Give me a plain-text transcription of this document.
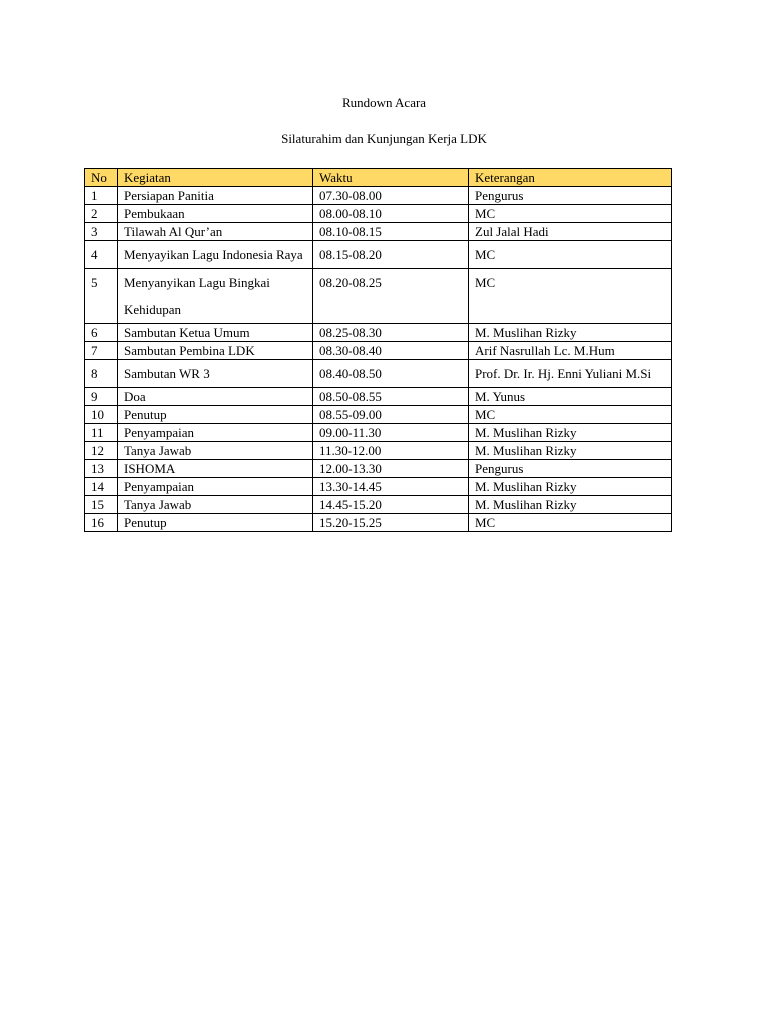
Rundown Acara
Silaturahim dan Kunjungan Kerja LDK
No	Kegiatan	Waktu	Keterangan
1	Persiapan Panitia	07.30-08.00	Pengurus
2	Pembukaan	08.00-08.10	MC
3	Tilawah Al Qur’an	08.10-08.15	Zul Jalal Hadi
4	Menyayikan Lagu Indonesia Raya	08.15-08.20	MC
5	Menyanyikan Lagu Bingkai Kehidupan	08.20-08.25	MC
6	Sambutan Ketua Umum	08.25-08.30	M. Muslihan Rizky
7	Sambutan Pembina LDK	08.30-08.40	Arif Nasrullah Lc. M.Hum
8	Sambutan WR 3	08.40-08.50	Prof. Dr. Ir. Hj. Enni Yuliani M.Si
9	Doa	08.50-08.55	M. Yunus
10	Penutup	08.55-09.00	MC
11	Penyampaian	09.00-11.30	M. Muslihan Rizky
12	Tanya Jawab	11.30-12.00	M. Muslihan Rizky
13	ISHOMA	12.00-13.30	Pengurus
14	Penyampaian	13.30-14.45	M. Muslihan Rizky
15	Tanya Jawab	14.45-15.20	M. Muslihan Rizky
16	Penutup	15.20-15.25	MC
